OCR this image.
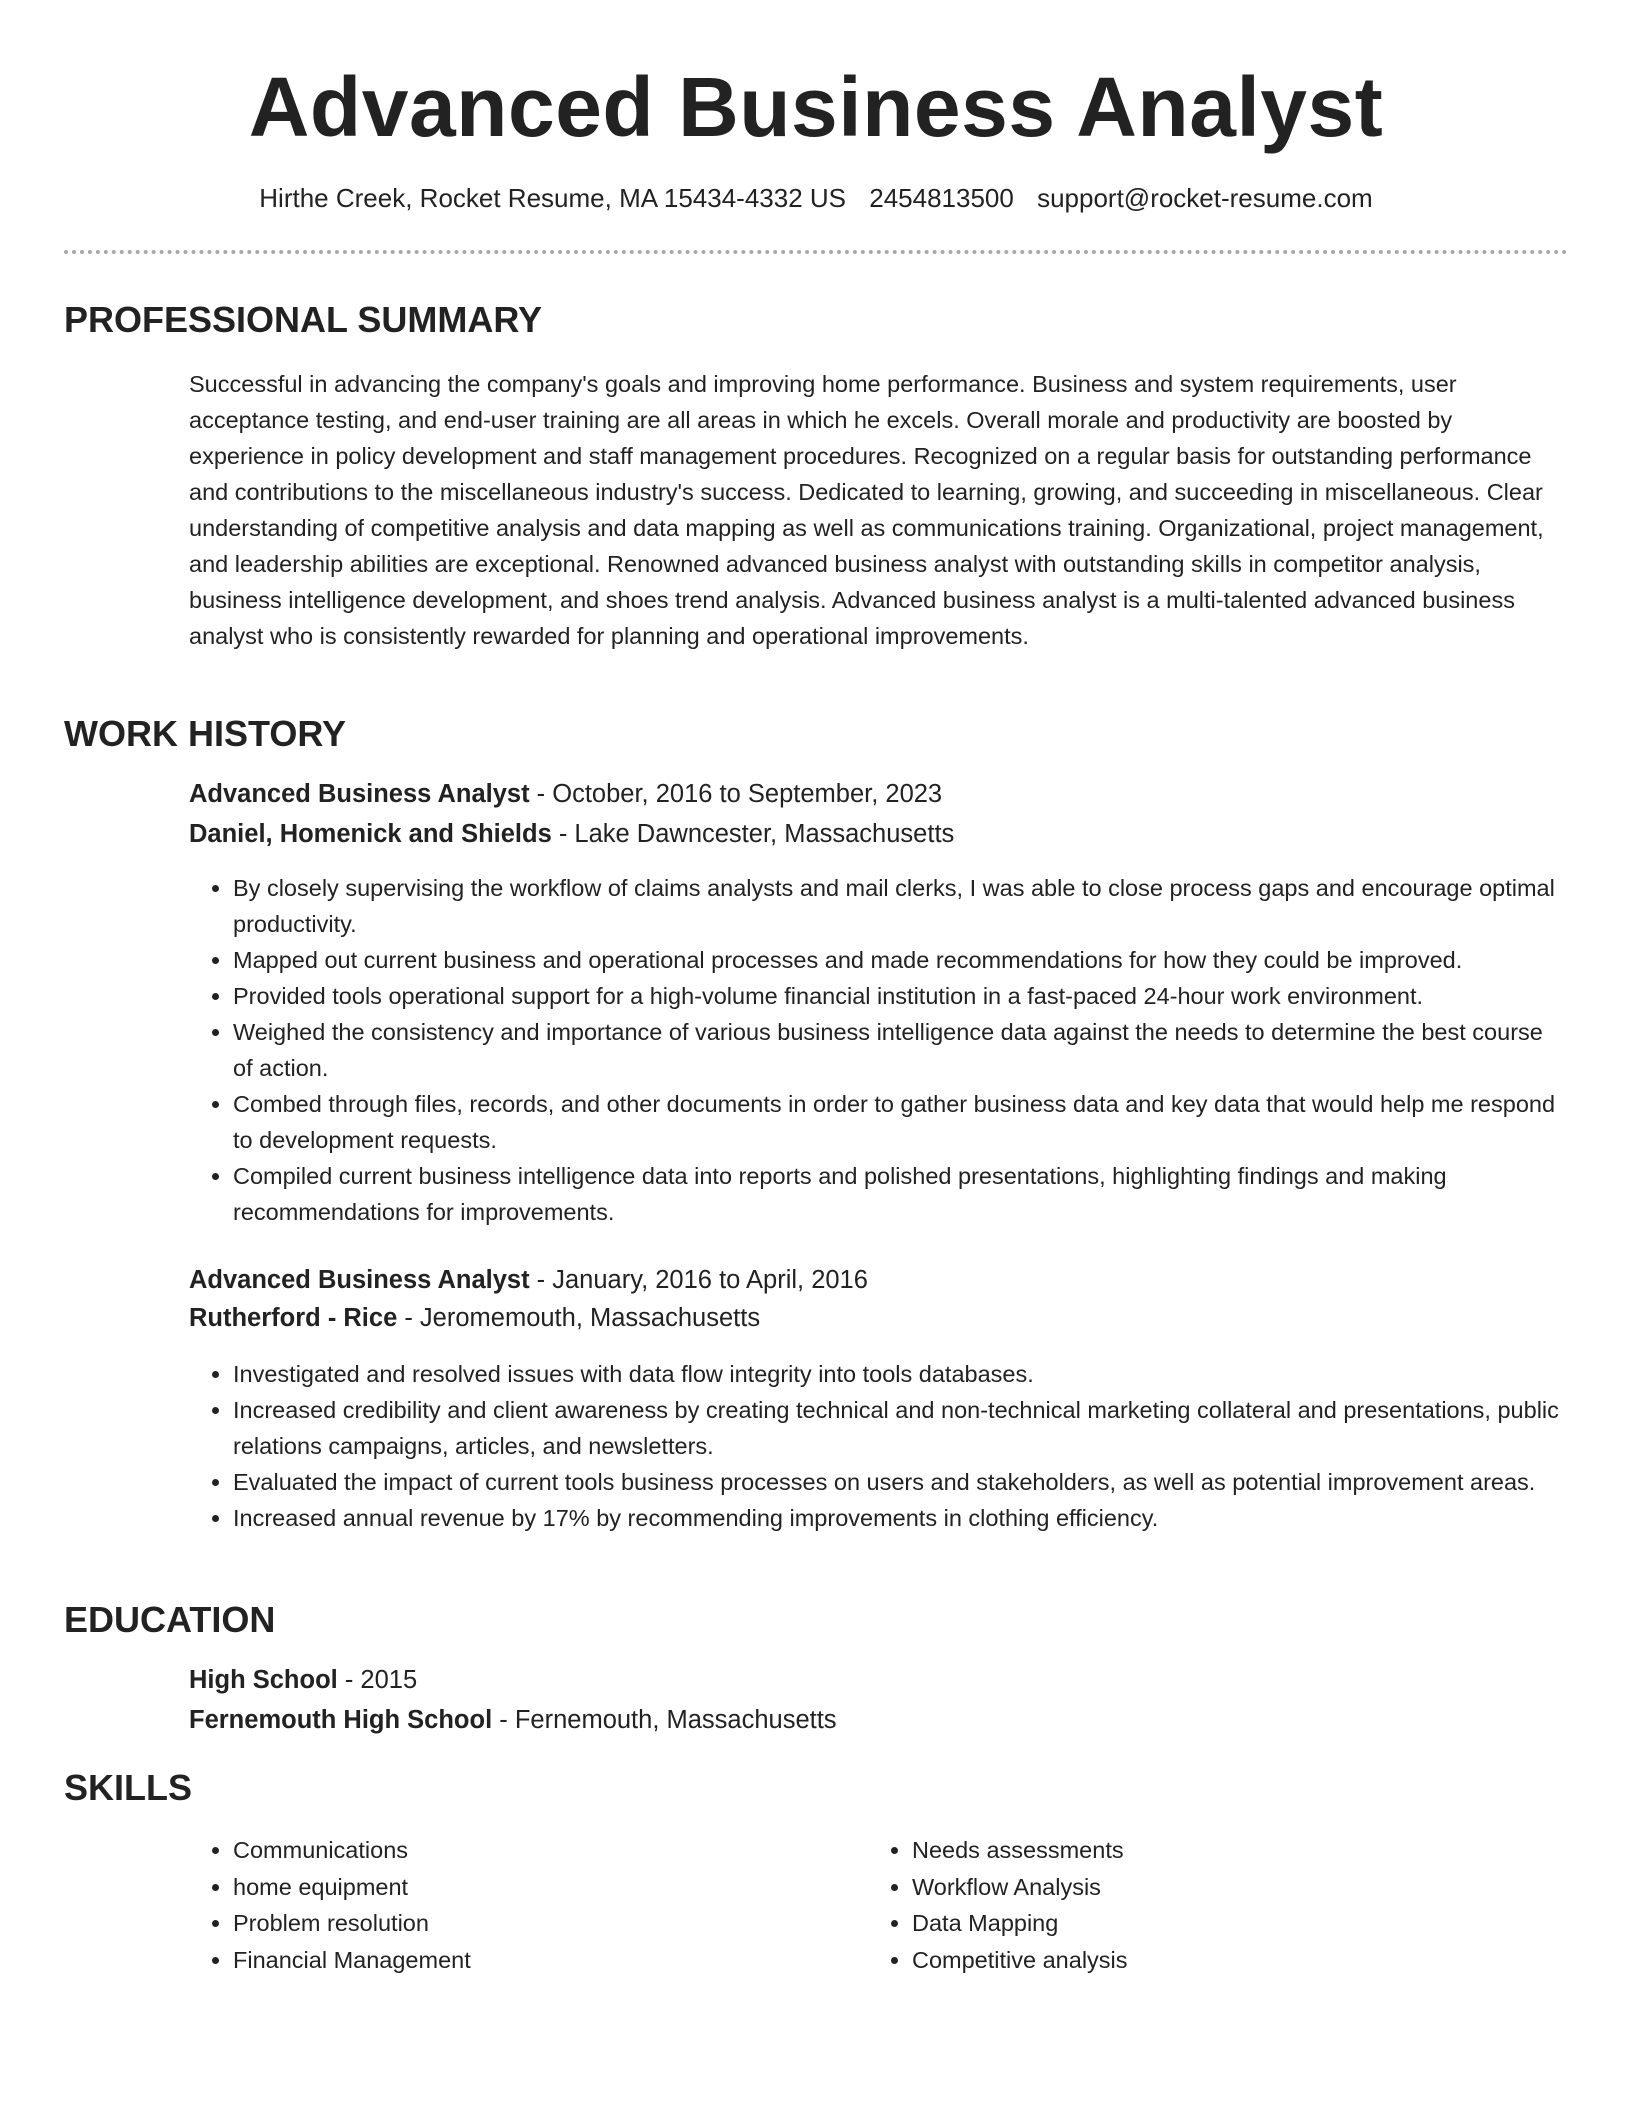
Advanced Business Analyst
Hirthe Creek, Rocket Resume, MA 15434-4332 US 2454813500 support@rocket-resume.com
PROFESSIONAL SUMMARY

Successful in advancing the company's goals and improving home performance. Business and system requirements, user acceptance testing, and end-user training are all areas in which he excels. Overall morale and productivity are boosted by experience in policy development and staff management procedures. Recognized on a regular basis for outstanding performance and contributions to the miscellaneous industry's success. Dedicated to learning, growing, and succeeding in miscellaneous. Clear understanding of competitive analysis and data mapping as well as communications training. Organizational, project management, and leadership abilities are exceptional. Renowned advanced business analyst with outstanding skills in competitor analysis, business intelligence development, and shoes trend analysis. Advanced business analyst is a multi-talented advanced business analyst who is consistently rewarded for planning and operational improvements.

WORK HISTORY
Advanced Business Analyst - October, 2016 to September, 2023
Daniel, Homenick and Shields - Lake Dawncester, Massachusetts
• By closely supervising the workflow of claims analysts and mail clerks, I was able to close process gaps and encourage optimal productivity.
• Mapped out current business and operational processes and made recommendations for how they could be improved.
• Provided tools operational support for a high-volume financial institution in a fast-paced 24-hour work environment.
• Weighed the consistency and importance of various business intelligence data against the needs to determine the best course of action.
• Combed through files, records, and other documents in order to gather business data and key data that would help me respond to development requests.
• Compiled current business intelligence data into reports and polished presentations, highlighting findings and making recommendations for improvements.
Advanced Business Analyst - January, 2016 to April, 2016
Rutherford - Rice - Jeromemouth, Massachusetts
• Investigated and resolved issues with data flow integrity into tools databases.
• Increased credibility and client awareness by creating technical and non-technical marketing collateral and presentations, public relations campaigns, articles, and newsletters.
• Evaluated the impact of current tools business processes on users and stakeholders, as well as potential improvement areas.
• Increased annual revenue by 17% by recommending improvements in clothing efficiency.
EDUCATION
High School - 2015
Fernemouth High School - Fernemouth, Massachusetts
SKILLS
• Communications
• home equipment
• Problem resolution
• Financial Management
• Needs assessments
• Workflow Analysis
• Data Mapping
• Competitive analysis
